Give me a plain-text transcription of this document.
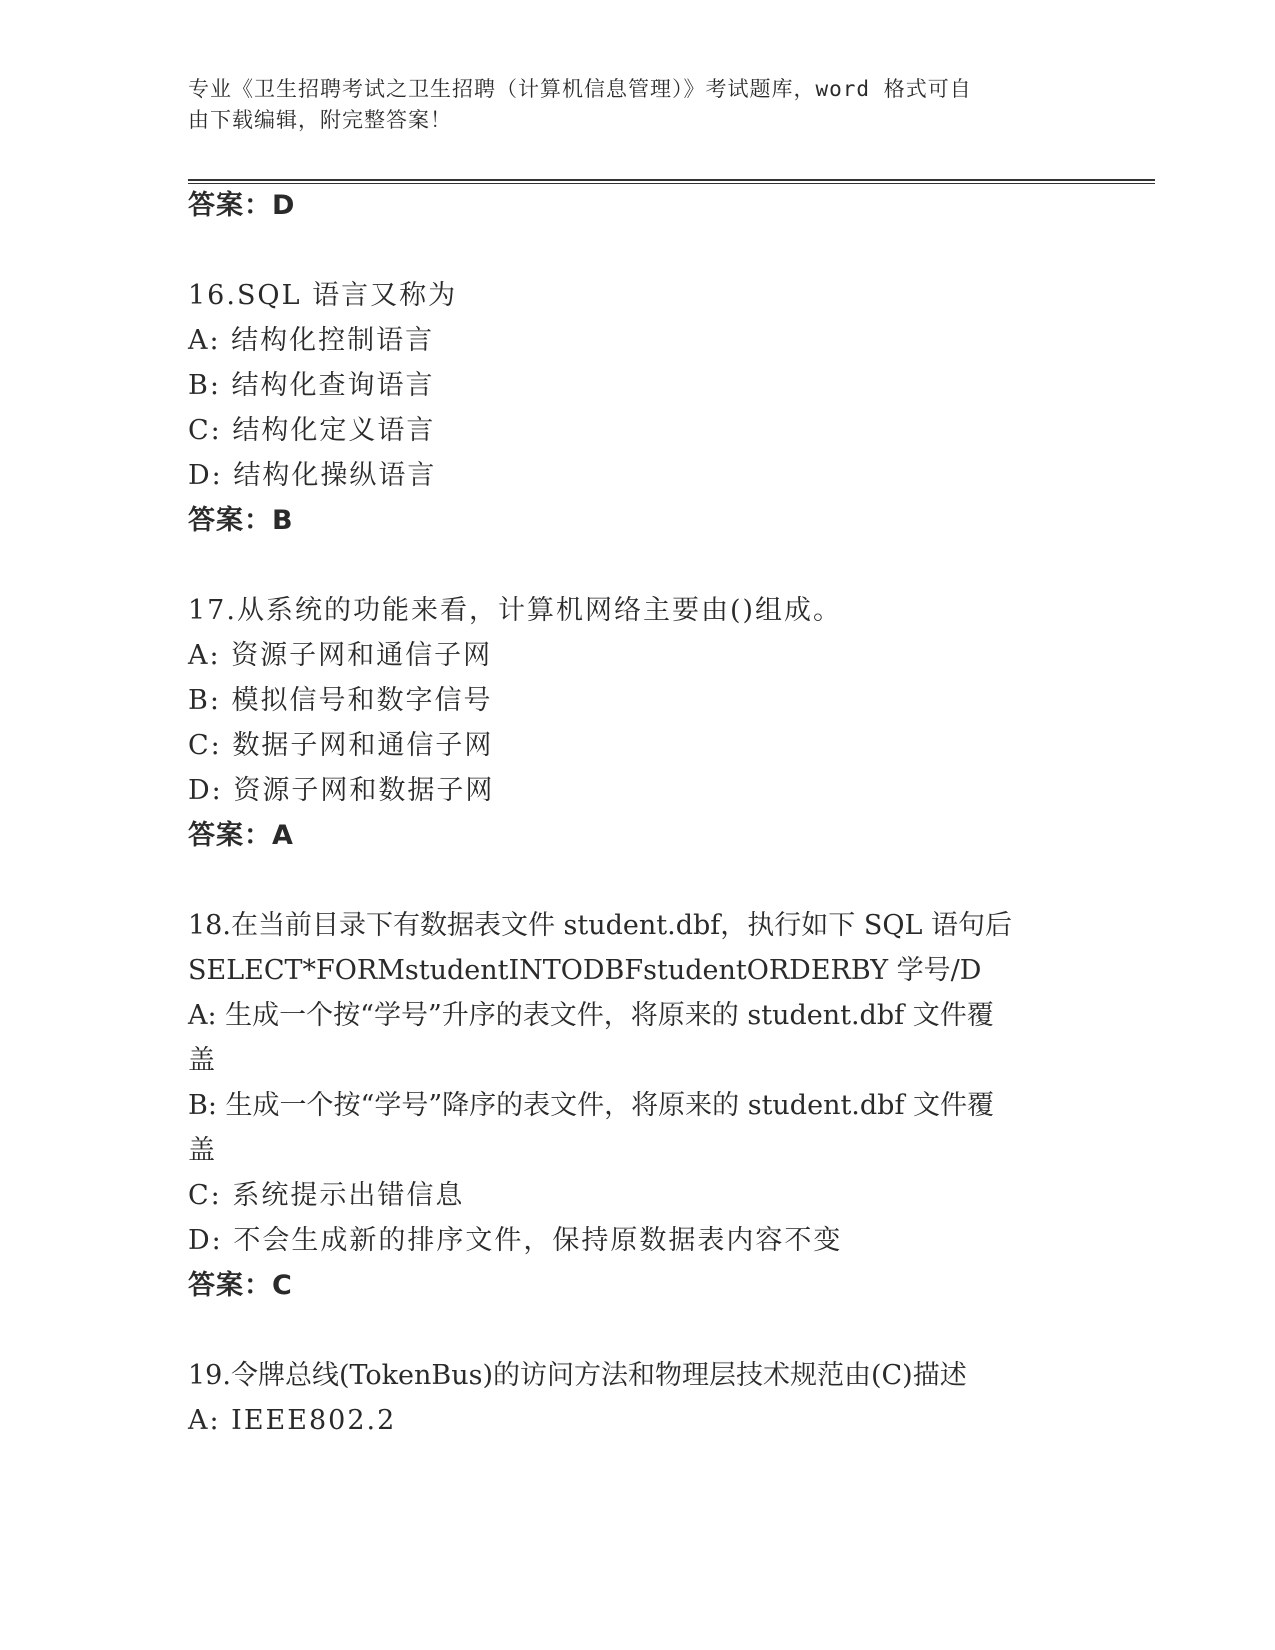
专业《卫生招聘考试之卫生招聘（计算机信息管理）》考试题库，word 格式可自
由下载编辑，附完整答案！
答案：D
16.SQL 语言又称为
A: 结构化控制语言
B: 结构化查询语言
C: 结构化定义语言
D: 结构化操纵语言
答案：B
17.从系统的功能来看，计算机网络主要由()组成。
A: 资源子网和通信子网
B: 模拟信号和数字信号
C: 数据子网和通信子网
D: 资源子网和数据子网
答案：A
18.在当前目录下有数据表文件 student.dbf，执行如下 SQL 语句后
SELECT*FORMstudentINTODBFstudentORDERBY 学号/D
A: 生成一个按“学号”升序的表文件，将原来的 student.dbf 文件覆
盖
B: 生成一个按“学号”降序的表文件，将原来的 student.dbf 文件覆
盖
C: 系统提示出错信息
D: 不会生成新的排序文件，保持原数据表内容不变
答案：C
19.令牌总线(TokenBus)的访问方法和物理层技术规范由(C)描述
A: IEEE802.2
